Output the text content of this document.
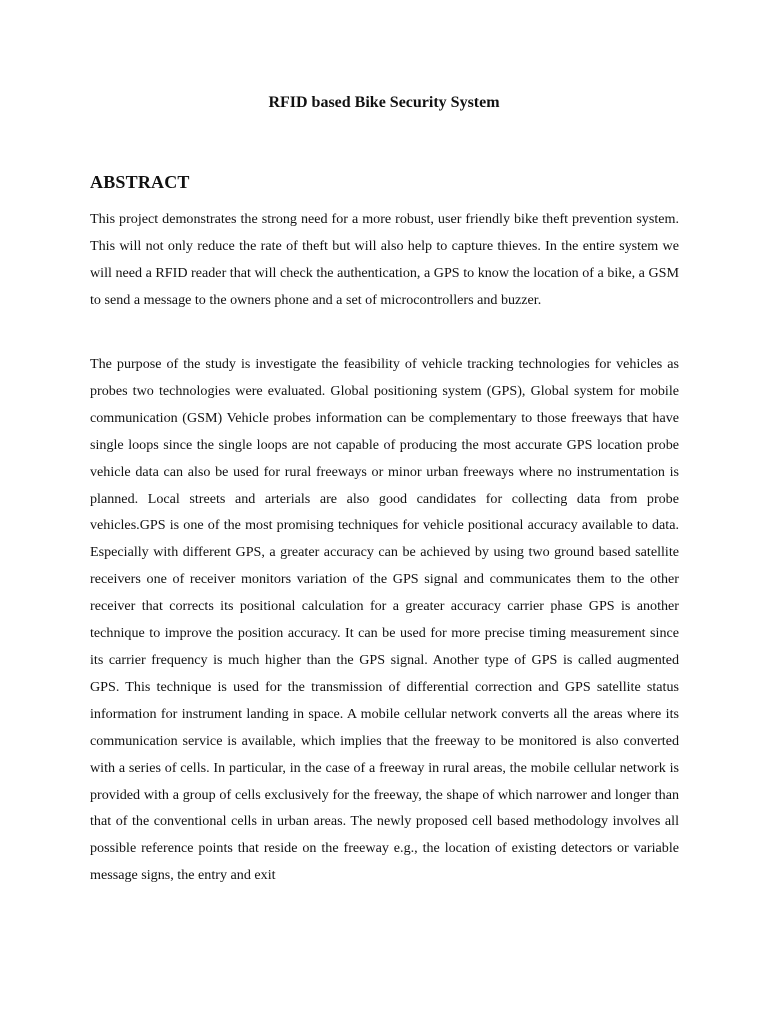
RFID based Bike Security System
ABSTRACT

This project demonstrates the strong need for a more robust, user friendly bike theft prevention system. This will not only reduce the rate of theft but will also help to capture thieves. In the entire system we will need a RFID reader that will check the authentication, a GPS to know the location of a bike, a GSM to send a message to the owners phone and a set of microcontrollers and buzzer.

The purpose of the study is investigate the feasibility of vehicle tracking technologies for vehicles as probes two technologies were evaluated. Global positioning system (GPS), Global system for mobile communication (GSM) Vehicle probes information can be complementary to those freeways that have single loops since the single loops are not capable of producing the most accurate GPS location probe vehicle data can also be used for rural freeways or minor urban freeways where no instrumentation is planned. Local streets and arterials are also good candidates for collecting data from probe vehicles.GPS is one of the most promising techniques for vehicle positional accuracy available to data. Especially with different GPS, a greater accuracy can be achieved by using two ground based satellite receivers one of receiver monitors variation of the GPS signal and communicates them to the other receiver that corrects its positional calculation for a greater accuracy carrier phase GPS is another technique to improve the position accuracy. It can be used for more precise timing measurement since its carrier frequency is much higher than the GPS signal. Another type of GPS is called augmented GPS. This technique is used for the transmission of differential correction and GPS satellite status information for instrument landing in space. A mobile cellular network converts all the areas where its communication service is available, which implies that the freeway to be monitored is also converted with a series of cells. In particular, in the case of a freeway in rural areas, the mobile cellular network is provided with a group of cells exclusively for the freeway, the shape of which narrower and longer than that of the conventional cells in urban areas. The newly proposed cell based methodology involves all possible reference points that reside on the freeway e.g., the location of existing detectors or variable message signs, the entry and exit
